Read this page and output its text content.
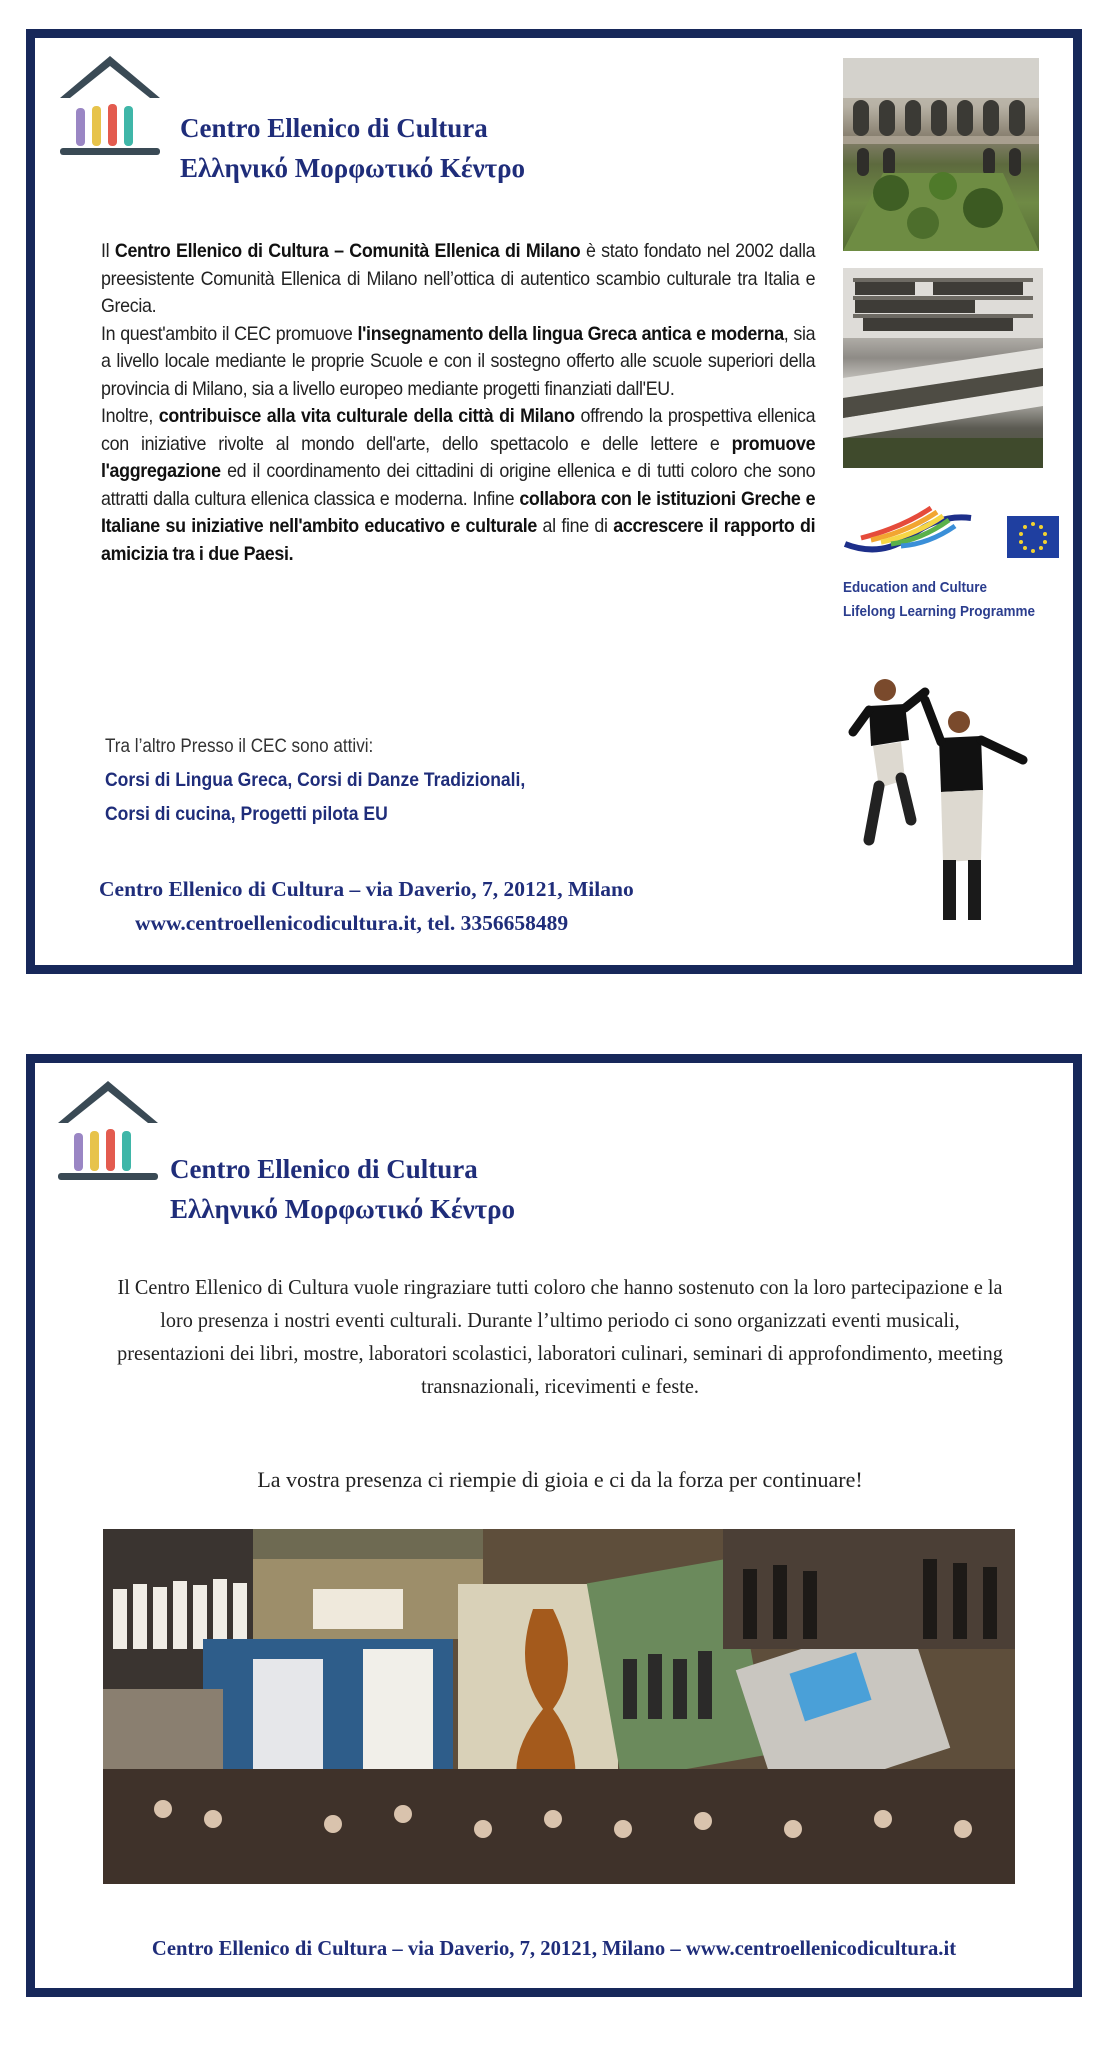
Centro Ellenico di Cultura
Ελληνικό Μορφωτικό Κέντρο

Il Centro Ellenico di Cultura – Comunità Ellenica di Milano è stato fondato nel 2002 dalla preesistente Comunità Ellenica di Milano nell’ottica di autentico scambio culturale tra Italia e Grecia.

In quest'ambito il CEC promuove l'insegnamento della lingua Greca antica e moderna, sia a livello locale mediante le proprie Scuole e con il sostegno offerto alle scuole superiori della provincia di Milano, sia a livello europeo mediante progetti finanziati dall'EU.

Inoltre, contribuisce alla vita culturale della città di Milano offrendo la prospettiva ellenica con iniziative rivolte al mondo dell'arte, dello spettacolo e delle lettere e promuove l'aggregazione ed il coordinamento dei cittadini di origine ellenica e di tutti coloro che sono attratti dalla cultura ellenica classica e moderna. Infine collabora con le istituzioni Greche e Italiane su iniziative nell'ambito educativo e culturale al fine di accrescere il rapporto di amicizia tra i due Paesi.

Tra l’altro Presso il CEC sono attivi:
Corsi di Lingua Greca, Corsi di Danze Tradizionali,
Corsi di cucina, Progetti pilota EU
Centro Ellenico di Cultura – via Daverio, 7, 20121, Milano
www.centroellenicodicultura.it, tel. 3356658489
Education and Culture
Lifelong Learning Programme
Centro Ellenico di Cultura
Ελληνικό Μορφωτικό Κέντρο
Il Centro Ellenico di Cultura vuole ringraziare tutti coloro che hanno sostenuto con la loro partecipazione e la loro presenza i nostri eventi culturali. Durante l’ultimo periodo ci sono organizzati eventi musicali, presentazioni dei libri, mostre, laboratori scolastici, laboratori culinari, seminari di approfondimento, meeting transnazionali, ricevimenti e feste.
La vostra presenza ci riempie di gioia e ci da la forza per continuare!
Centro Ellenico di Cultura – via Daverio, 7, 20121, Milano – www.centroellenicodicultura.it
